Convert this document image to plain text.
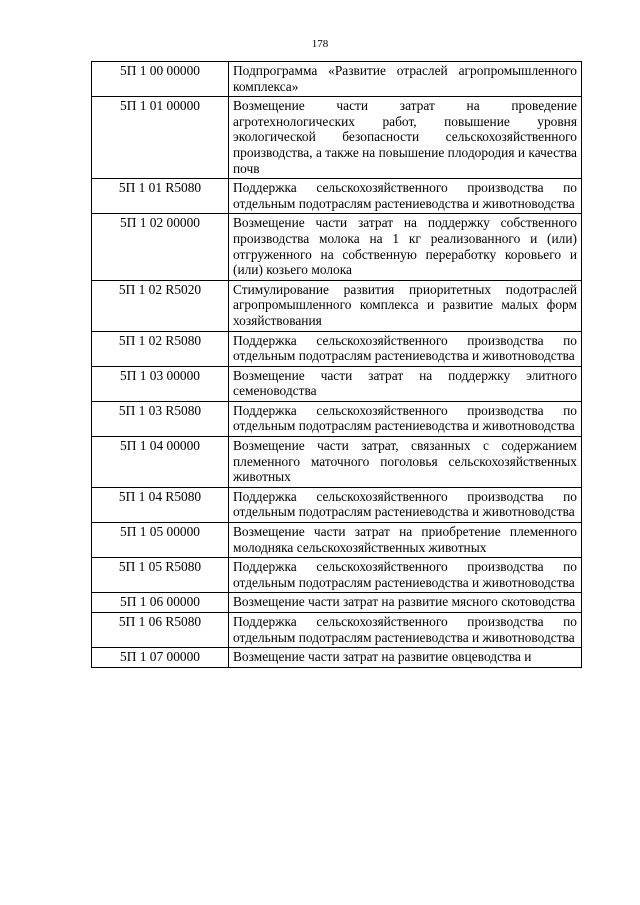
178
5П 1 00 00000	Подпрограмма «Развитие отраслей агропромышленного комплекса»
5П 1 01 00000	Возмещение части затрат на проведение агротехнологических работ, повышение уровня экологической безопасности сельскохозяйственного производства, а также на повышение плодородия и качества почв
5П 1 01 R5080	Поддержка сельскохозяйственного производства по отдельным подотраслям растениеводства и животноводства
5П 1 02 00000	Возмещение части затрат на поддержку собственного производства молока на 1 кг реализованного и (или) отгруженного на собственную переработку коровьего и (или) козьего молока
5П 1 02 R5020	Стимулирование развития приоритетных подотраслей агропромышленного комплекса и развитие малых форм хозяйствования
5П 1 02 R5080	Поддержка сельскохозяйственного производства по отдельным подотраслям растениеводства и животноводства
5П 1 03 00000	Возмещение части затрат на поддержку элитного семеноводства
5П 1 03 R5080	Поддержка сельскохозяйственного производства по отдельным подотраслям растениеводства и животноводства
5П 1 04 00000	Возмещение части затрат, связанных с содержанием племенного маточного поголовья сельскохозяйственных животных
5П 1 04 R5080	Поддержка сельскохозяйственного производства по отдельным подотраслям растениеводства и животноводства
5П 1 05 00000	Возмещение части затрат на приобретение племенного молодняка сельскохозяйственных животных
5П 1 05 R5080	Поддержка сельскохозяйственного производства по отдельным подотраслям растениеводства и животноводства
5П 1 06 00000	Возмещение части затрат на развитие мясного скотоводства
5П 1 06 R5080	Поддержка сельскохозяйственного производства по отдельным подотраслям растениеводства и животноводства
5П 1 07 00000	Возмещение части затрат на развитие овцеводства и
